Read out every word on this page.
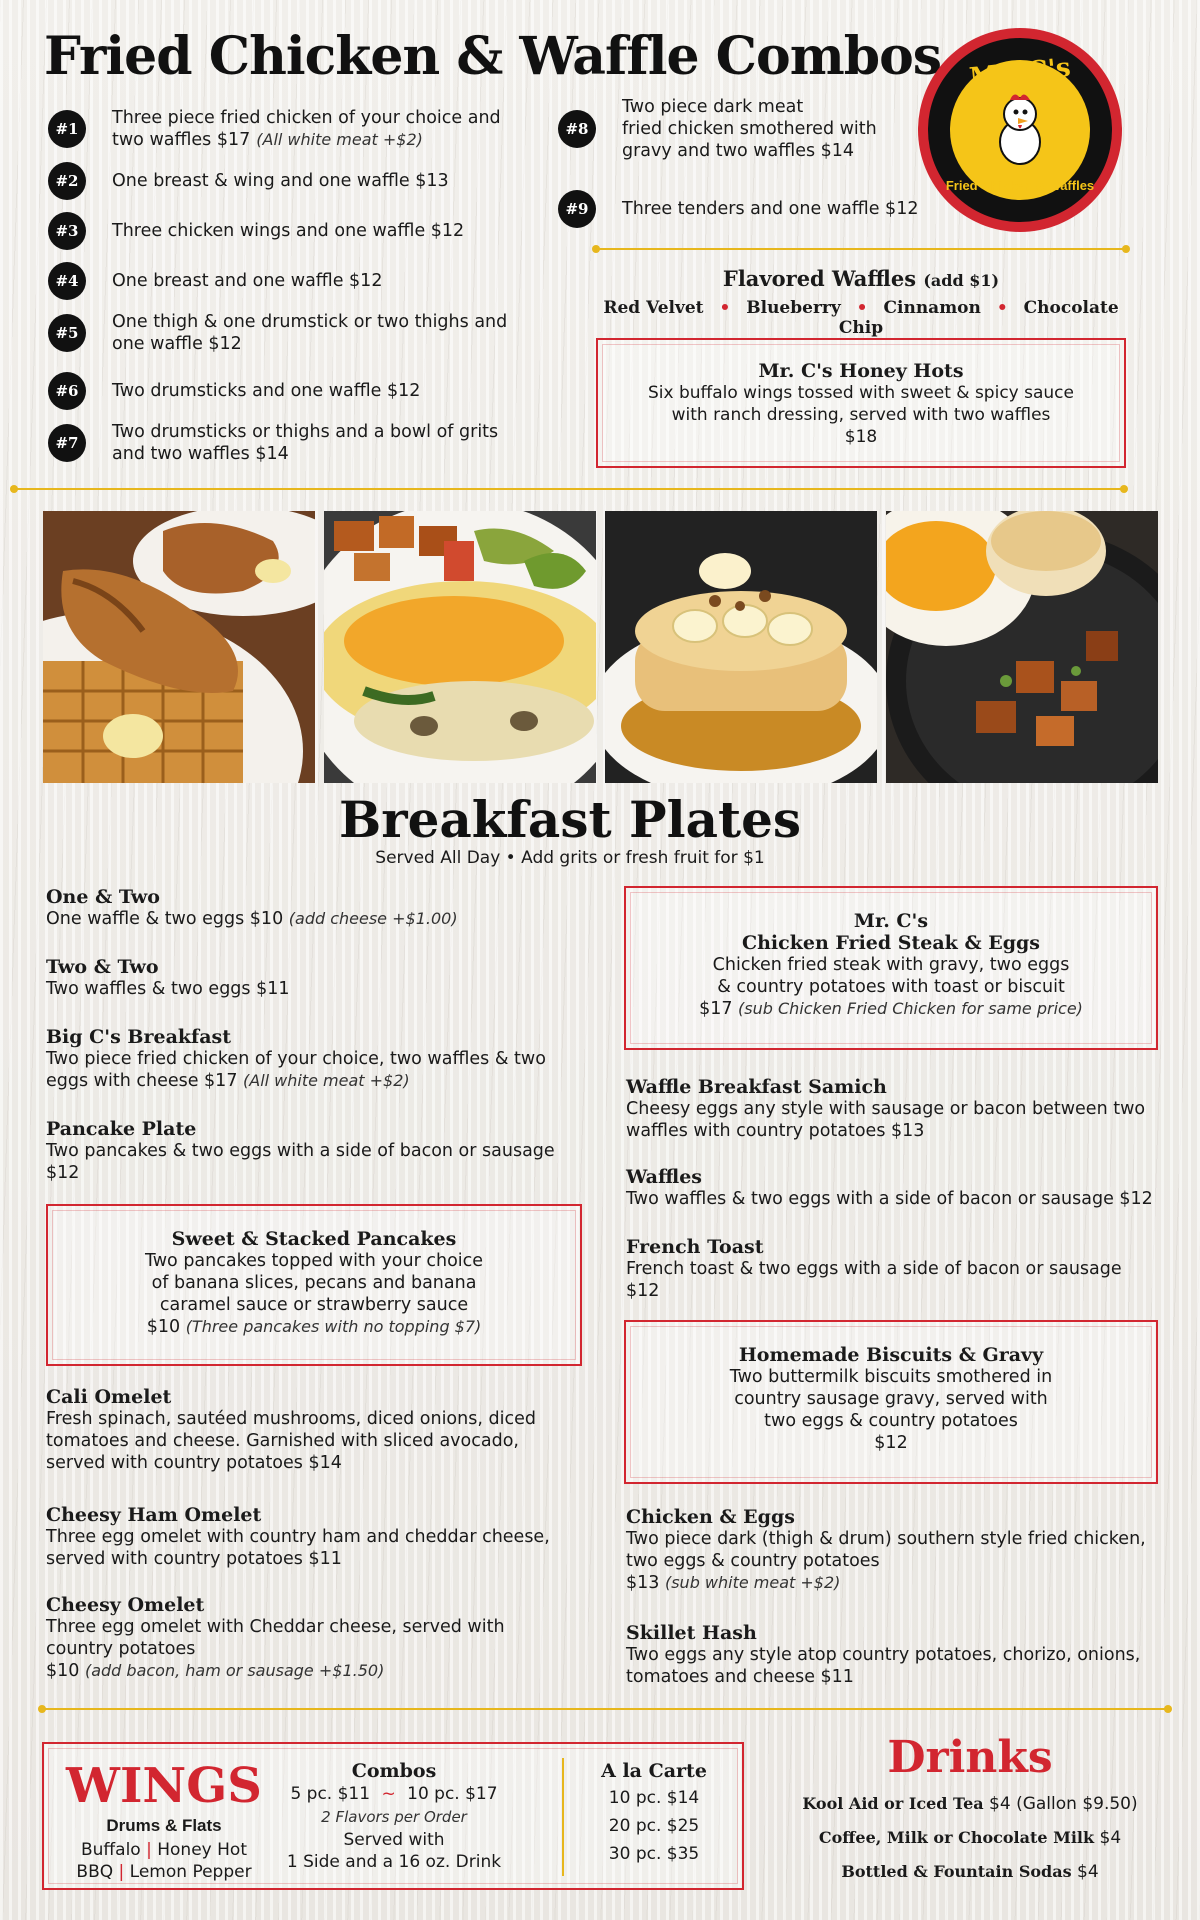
Fried Chicken & Waffle Combos	Mr. C's
Fried Chicken & Waffles
#1
Three piece fried chicken of your choice and
two waffles $17 (All white meat +$2)
#2	One breast & wing and one waffle $13
#3	Three chicken wings and one waffle $12
#4	One breast and one waffle $12
#5
One thigh & one drumstick or two thighs and
one waffle $12
#6	Two drumsticks and one waffle $12
#7
Two drumsticks or thighs and a bowl of grits
and two waffles $14
#8
Two piece dark meat
fried chicken smothered with
gravy and two waffles $14
#9	Three tenders and one waffle $12
Flavored Waffles (add $1)
Red Velvet • Blueberry • Cinnamon • Chocolate Chip
Mr. C's Honey Hots
Six buffalo wings tossed with sweet & spicy sauce
with ranch dressing, served with two waffles
$18
Breakfast Plates
Served All Day • Add grits or fresh fruit for $1
One & Two
One waffle & two eggs $10 (add cheese +$1.00)
Two & Two
Two waffles & two eggs $11
Big C's Breakfast
Two piece fried chicken of your choice, two waffles & two
eggs with cheese $17 (All white meat +$2)
Pancake Plate
Two pancakes & two eggs with a side of bacon or sausage
$12
Cali Omelet
Fresh spinach, sautéed mushrooms, diced onions, diced
tomatoes and cheese. Garnished with sliced avocado,
served with country potatoes $14
Cheesy Ham Omelet
Three egg omelet with country ham and cheddar cheese,
served with country potatoes $11
Cheesy Omelet
Three egg omelet with Cheddar cheese, served with
country potatoes
$10 (add bacon, ham or sausage +$1.50)
Waffle Breakfast Samich
Cheesy eggs any style with sausage or bacon between two
waffles with country potatoes $13
Waffles
Two waffles & two eggs with a side of bacon or sausage $12
French Toast
French toast & two eggs with a side of bacon or sausage
$12
Chicken & Eggs
Two piece dark (thigh & drum) southern style fried chicken,
two eggs & country potatoes
$13 (sub white meat +$2)
Skillet Hash
Two eggs any style atop country potatoes, chorizo, onions,
tomatoes and cheese $11
Sweet & Stacked Pancakes
Two pancakes topped with your choice
of banana slices, pecans and banana
caramel sauce or strawberry sauce
$10 (Three pancakes with no topping $7)
Mr. C's
Chicken Fried Steak & Eggs
Chicken fried steak with gravy, two eggs
& country potatoes with toast or biscuit
$17 (sub Chicken Fried Chicken for same price)
Homemade Biscuits & Gravy
Two buttermilk biscuits smothered in
country sausage gravy, served with
two eggs & country potatoes
$12
WINGS
Drums & Flats
Buffalo | Honey Hot
BBQ | Lemon Pepper
Combos
5 pc. $11 ~ 10 pc. $17
2 Flavors per Order
Served with
1 Side and a 16 oz. Drink
A la Carte
10 pc. $14
20 pc. $25
30 pc. $35
Drinks
Kool Aid or Iced Tea $4 (Gallon $9.50)
Coffee, Milk or Chocolate Milk $4
Bottled & Fountain Sodas $4
